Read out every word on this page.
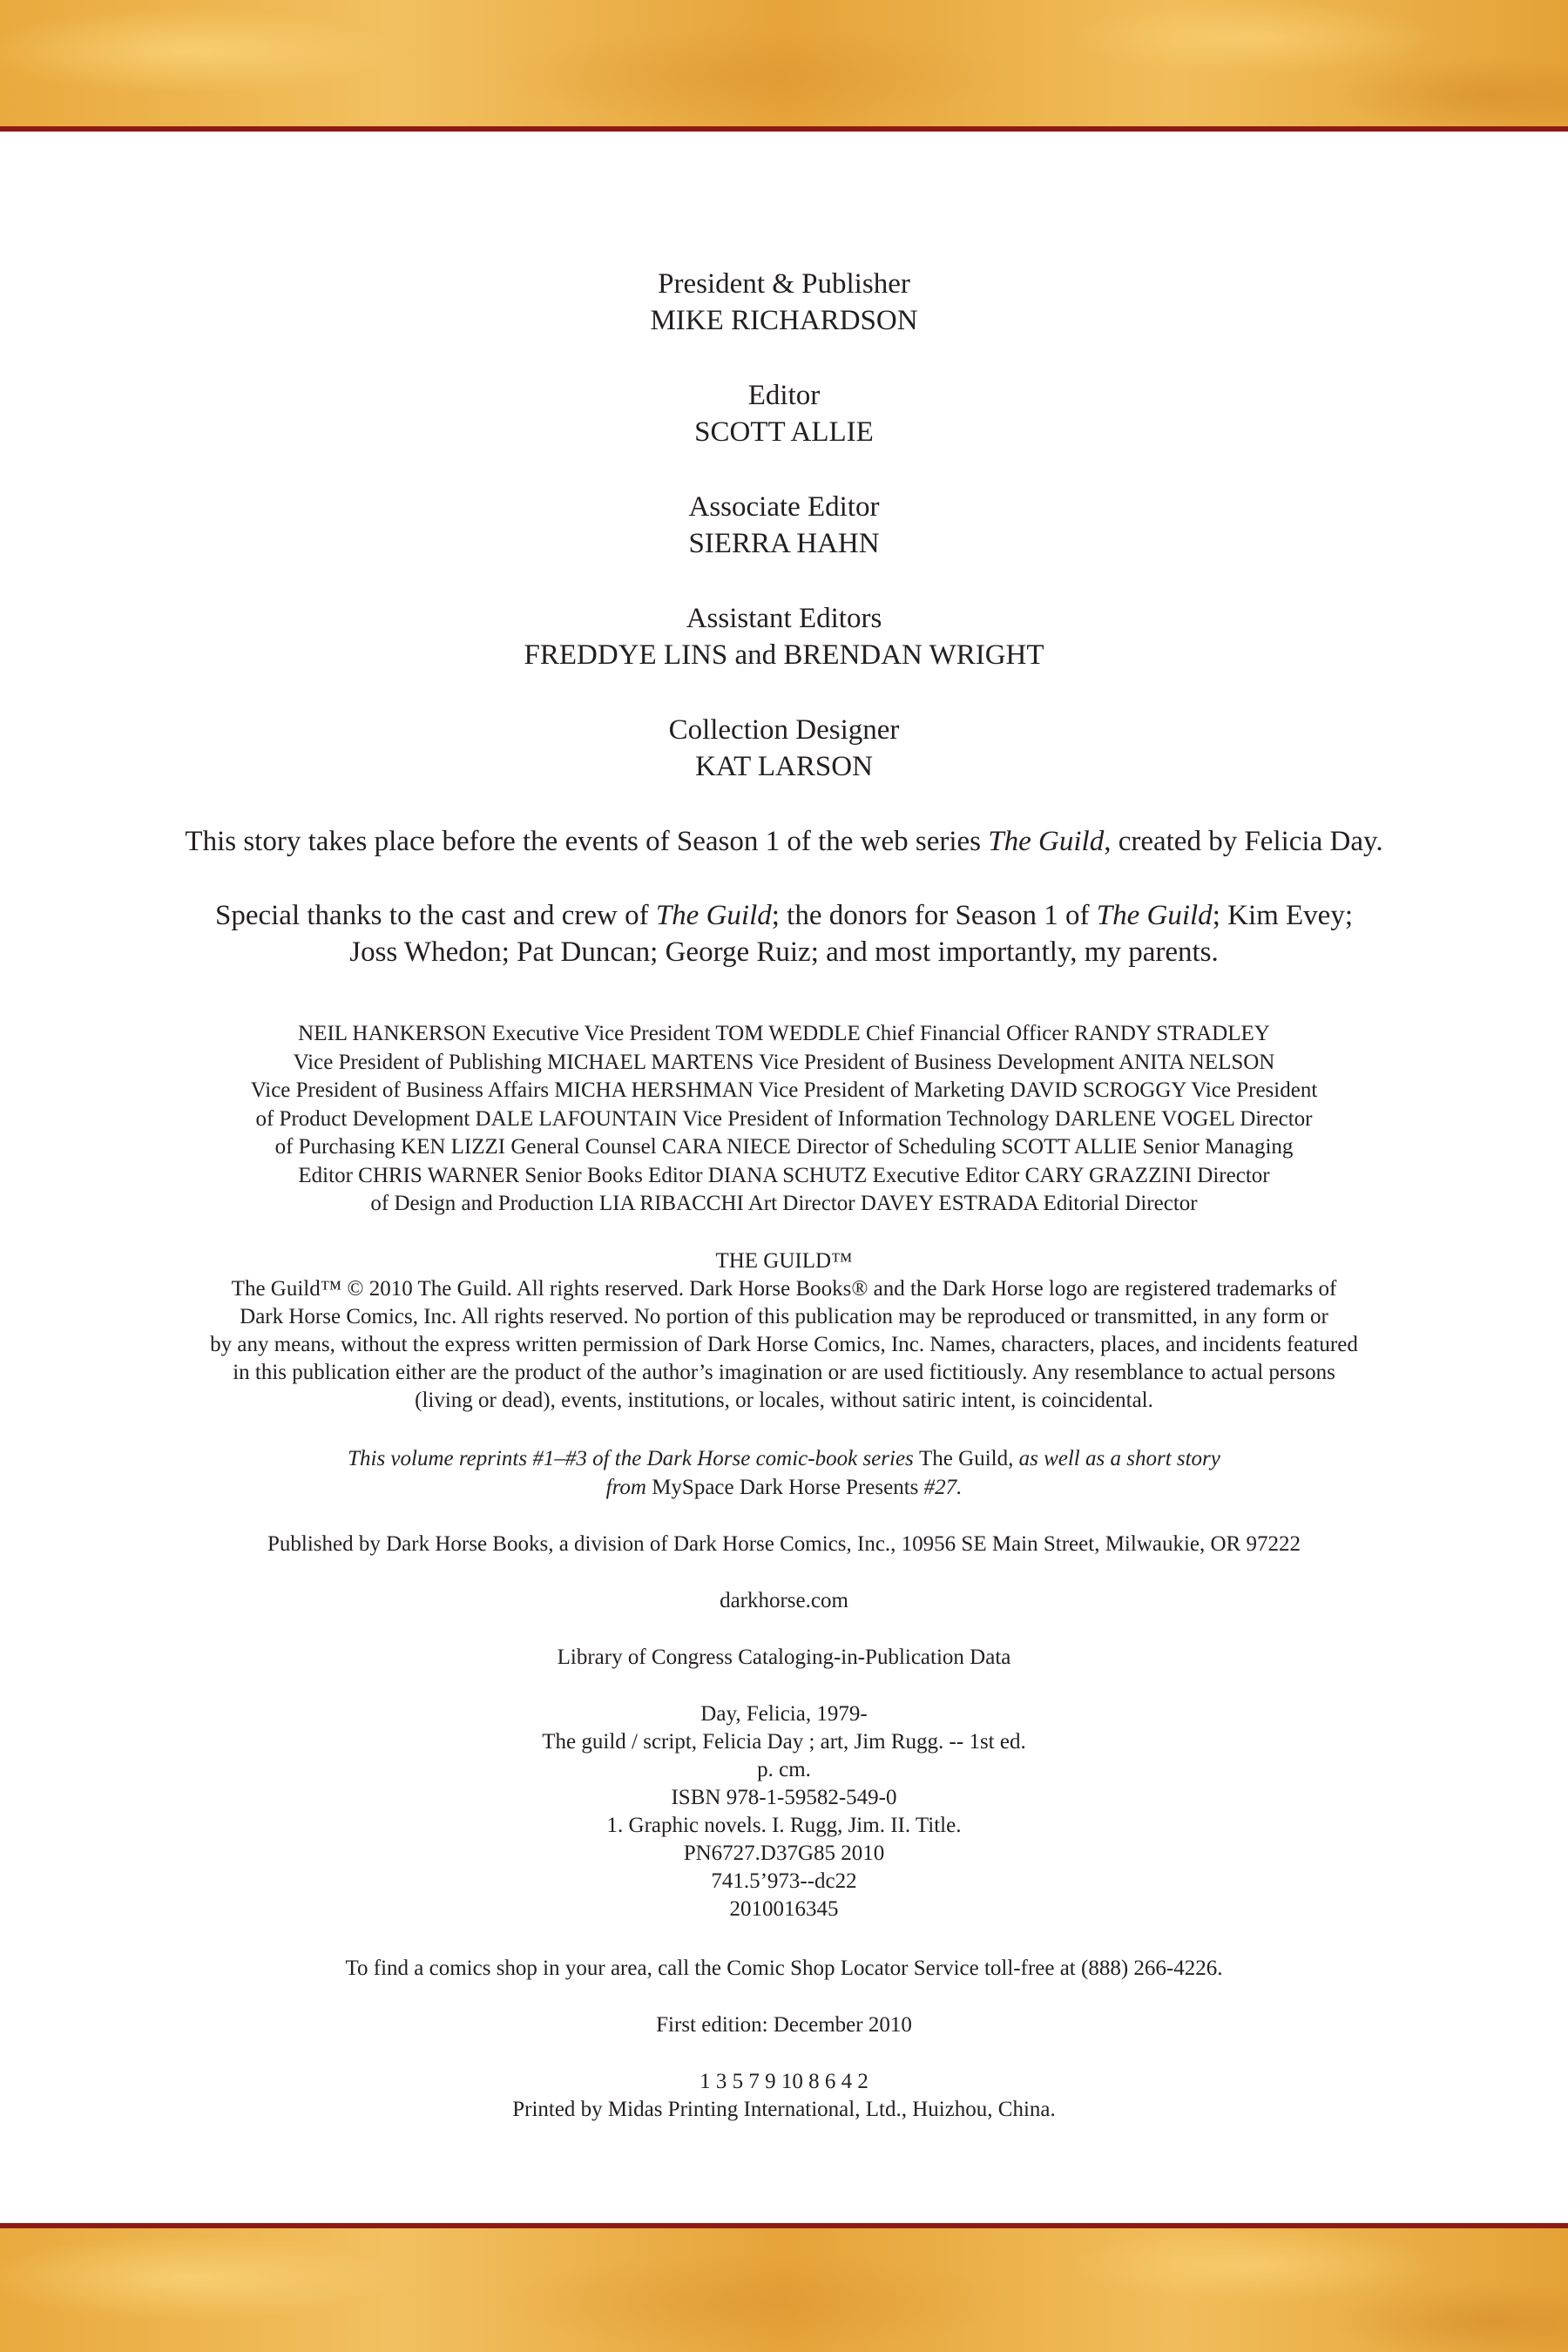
President & Publisher
MIKE RICHARDSON
Editor
SCOTT ALLIE
Associate Editor
SIERRA HAHN
Assistant Editors
FREDDYE LINS and BRENDAN WRIGHT
Collection Designer
KAT LARSON
This story takes place before the events of Season 1 of the web series The Guild, created by Felicia Day.
Special thanks to the cast and crew of The Guild; the donors for Season 1 of The Guild; Kim Evey;
Joss Whedon; Pat Duncan; George Ruiz; and most importantly, my parents.
NEIL HANKERSON Executive Vice President TOM WEDDLE Chief Financial Officer RANDY STRADLEY
Vice President of Publishing MICHAEL MARTENS Vice President of Business Development ANITA NELSON
Vice President of Business Affairs MICHA HERSHMAN Vice President of Marketing DAVID SCROGGY Vice President
of Product Development DALE LAFOUNTAIN Vice President of Information Technology DARLENE VOGEL Director
of Purchasing KEN LIZZI General Counsel CARA NIECE Director of Scheduling SCOTT ALLIE Senior Managing
Editor CHRIS WARNER Senior Books Editor DIANA SCHUTZ Executive Editor CARY GRAZZINI Director
of Design and Production LIA RIBACCHI Art Director DAVEY ESTRADA Editorial Director
THE GUILD™
The Guild™ © 2010 The Guild. All rights reserved. Dark Horse Books® and the Dark Horse logo are registered trademarks of
Dark Horse Comics, Inc. All rights reserved. No portion of this publication may be reproduced or transmitted, in any form or
by any means, without the express written permission of Dark Horse Comics, Inc. Names, characters, places, and incidents featured
in this publication either are the product of the author’s imagination or are used fictitiously. Any resemblance to actual persons
(living or dead), events, institutions, or locales, without satiric intent, is coincidental.
This volume reprints #1–#3 of the Dark Horse comic-book series The Guild, as well as a short story
from MySpace Dark Horse Presents #27.
Published by Dark Horse Books, a division of Dark Horse Comics, Inc., 10956 SE Main Street, Milwaukie, OR 97222
darkhorse.com
Library of Congress Cataloging-in-Publication Data
Day, Felicia, 1979-
The guild / script, Felicia Day ; art, Jim Rugg. -- 1st ed.
p. cm.
ISBN 978-1-59582-549-0
1. Graphic novels. I. Rugg, Jim. II. Title.
PN6727.D37G85 2010
741.5’973--dc22
2010016345
To find a comics shop in your area, call the Comic Shop Locator Service toll-free at (888) 266-4226.
First edition: December 2010
1 3 5 7 9 10 8 6 4 2
Printed by Midas Printing International, Ltd., Huizhou, China.
